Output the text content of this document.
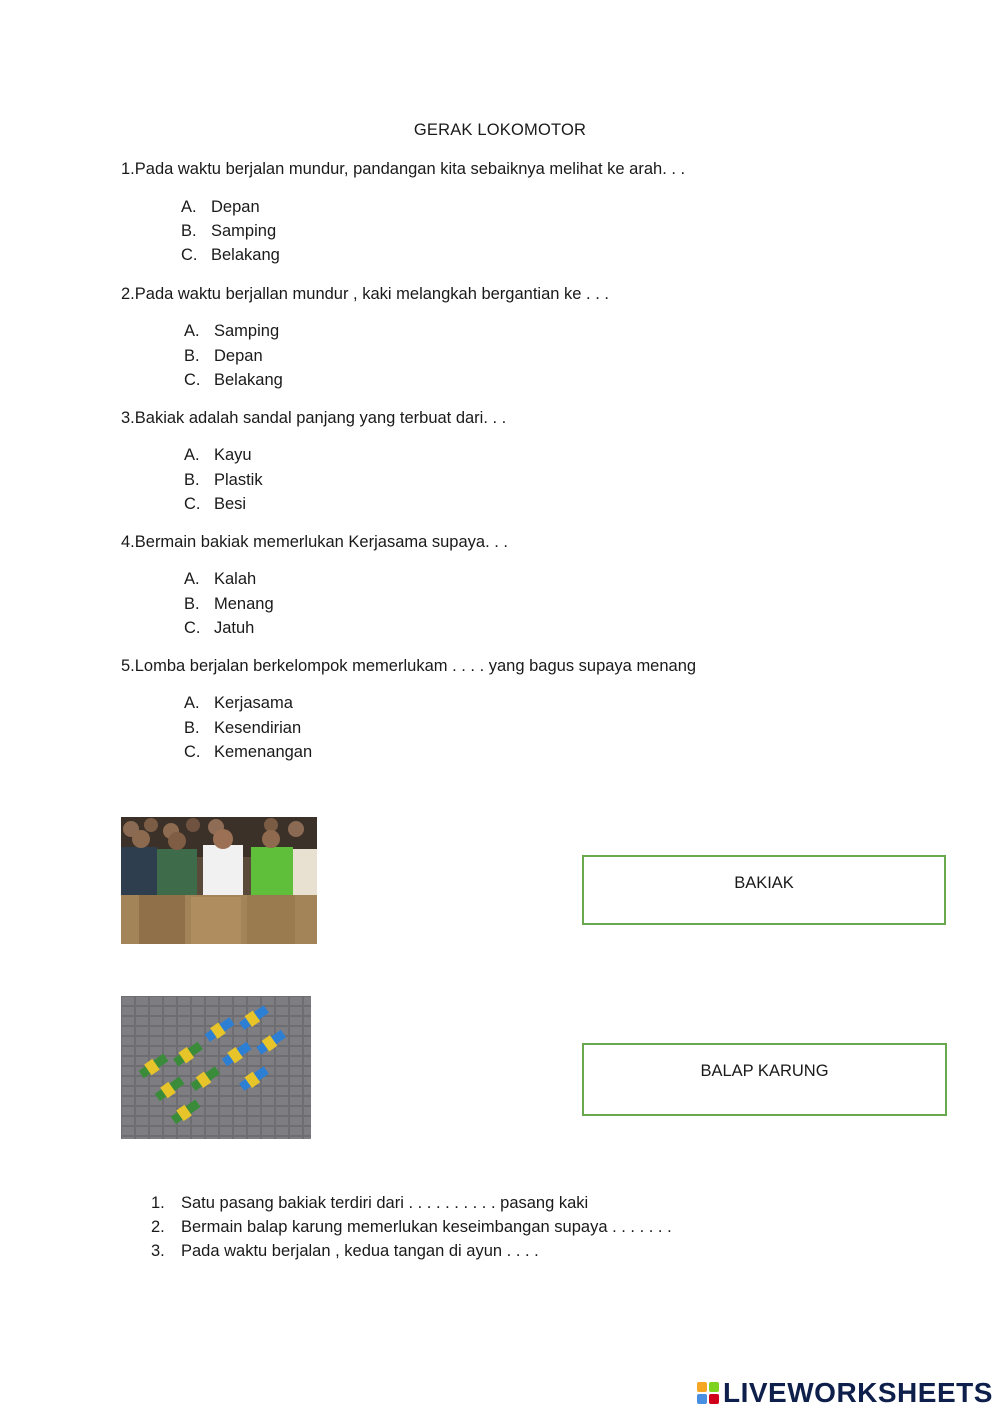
GERAK LOKOMOTOR
1.Pada waktu berjalan mundur, pandangan kita sebaiknya melihat ke arah. . .
A. Depan
B. Samping
C. Belakang
2.Pada waktu berjallan mundur , kaki melangkah bergantian ke . . .
A. Samping
B. Depan
C. Belakang
3.Bakiak adalah sandal panjang yang terbuat dari. . .
A. Kayu
B. Plastik
C. Besi
4.Bermain bakiak memerlukan Kerjasama supaya. . .
A. Kalah
B. Menang
C. Jatuh
5.Lomba berjalan berkelompok memerlukam . . . . yang bagus supaya menang
A. Kerjasama
B. Kesendirian
C. Kemenangan
BAKIAK
BALAP KARUNG
1. Satu pasang bakiak terdiri dari . . . . . . . . . . pasang kaki
2. Bermain balap karung memerlukan keseimbangan supaya . . . . . . .
3. Pada waktu berjalan , kedua tangan di ayun . . . .
LIVEWORKSHEETS
